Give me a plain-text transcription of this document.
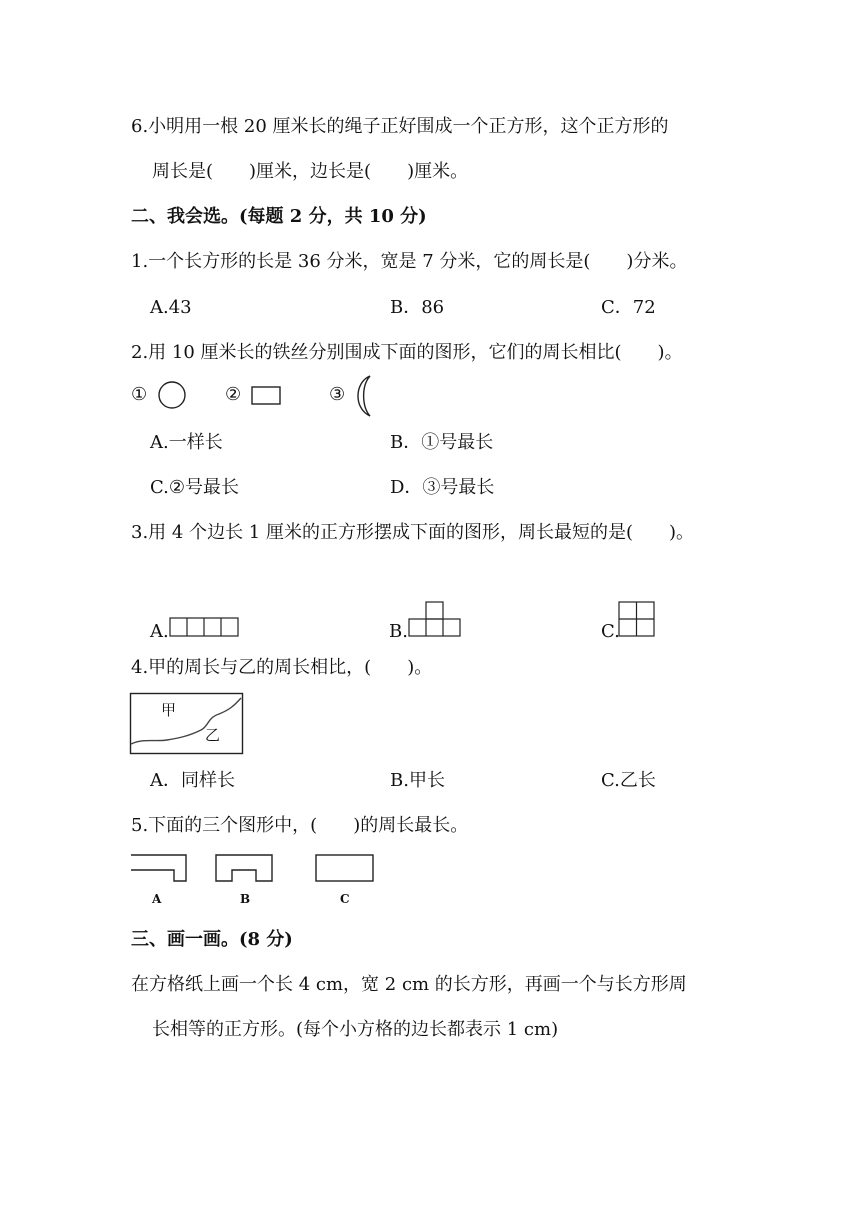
6.小明用一根 20 厘米长的绳子正好围成一个正方形，这个正方形的
周长是(　　)厘米，边长是(　　)厘米。
二、我会选。(每题 2 分，共 10 分)
1.一个长方形的长是 36 分米，宽是 7 分米，它的周长是(　　)分米。
A.43	B．86	C．72
2.用 10 厘米长的铁丝分别围成下面的图形，它们的周长相比(　　)。
①	②	③
A.一样长	B．①号最长
C.②号最长	D．③号最长
3.用 4 个边长 1 厘米的正方形摆成下面的图形，周长最短的是(　　)。
A.	B.	C.
4.甲的周长与乙的周长相比，(　　)。
甲
乙
A．同样长	B.甲长	C.乙长
5.下面的三个图形中，(　　)的周长最长。
A	B	C
三、画一画。(8 分)
在方格纸上画一个长 4 cm，宽 2 cm 的长方形，再画一个与长方形周
长相等的正方形。(每个小方格的边长都表示 1 cm)
